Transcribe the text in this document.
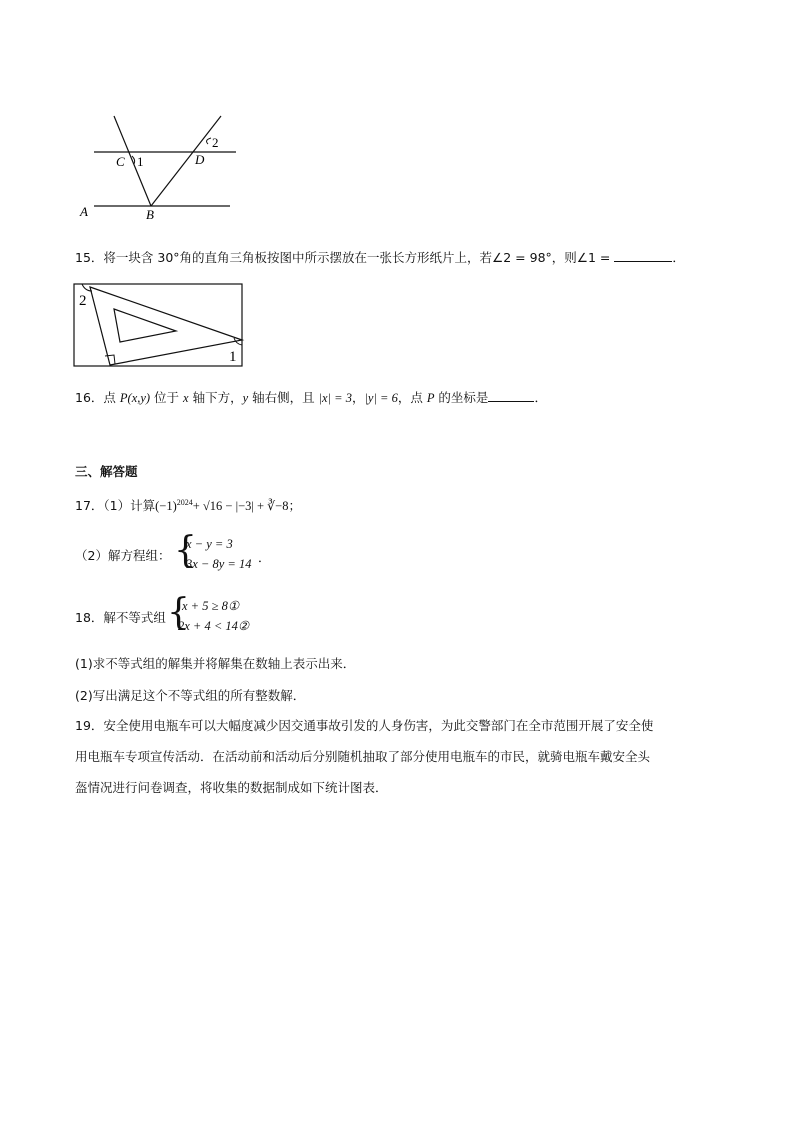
C 1	D
2
A	B
15．将一块含 30°角的直角三角板按图中所示摆放在一张长方形纸片上，若∠2 = 98°，则∠1 =	．
2
1
16．点 P(x,y) 位于 x 轴下方，y 轴右侧，且 |x| = 3，|y| = 6，点 P 的坐标是	．
三、解答题
17．（1）计算$(-1)^{2024}+ √16 - |-3|$ + ∛−8；
（2）解方程组： {
x − y = 3
3x − 8y = 14 ．
18．解不等式组 {
x + 5 ≥ 8①
2x + 4 < 14②
(1)求不等式组的解集并将解集在数轴上表示出来．
(2)写出满足这个不等式组的所有整数解．
19．安全使用电瓶车可以大幅度减少因交通事故引发的人身伤害，为此交警部门在全市范围开展了安全使
用电瓶车专项宣传活动．在活动前和活动后分别随机抽取了部分使用电瓶车的市民，就骑电瓶车戴安全头
盔情况进行问卷调查，将收集的数据制成如下统计图表．
